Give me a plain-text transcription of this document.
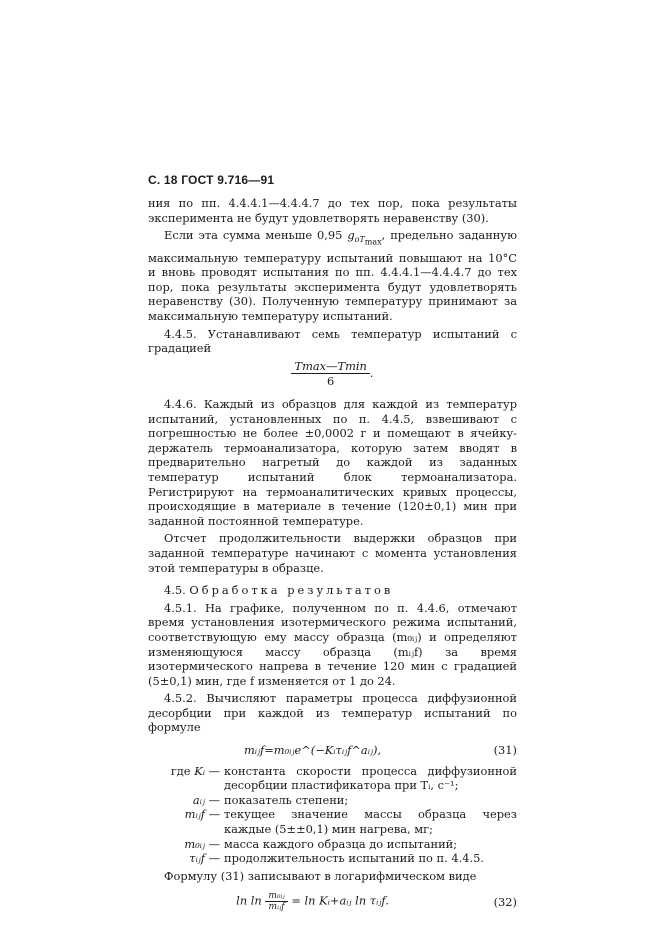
С. 18 ГОСТ 9.716—91

ния по пп. 4.4.4.1—4.4.4.7 до тех пор, пока результаты эксперимента не будут удовлетворять неравенству (30).

Если эта сумма меньше 0,95 $g_{oT_{max}}$, предельно заданную максимальную температуру испытаний повышают на 10°С и вновь проводят испытания по пп. 4.4.4.1—4.4.4.7 до тех пор, пока результаты эксперимента будут удовлетворять неравенству (30). Полученную температуру принимают за максимальную температуру испытаний.

4.4.5. Устанавливают семь температур испытаний с градацией

$\frac{Tmax—Tmin}{6}$ .

4.4.6. Каждый из образцов для каждой из температур испытаний, установленных по п. 4.4.5, взвешивают с погрешностью не более ±0,0002 г и помещают в ячейку-держатель термоанализатора, которую затем вводят в предварительно нагретый до каждой из заданных температур испытаний блок термоанализатора. Регистрируют на термоаналитических кривых процессы, происходящие в материале в течение (120±0,1) мин при заданной постоянной температуре.

Отсчет продолжительности выдержки образцов при заданной температуре начинают с момента установления этой температуры в образце.

4.5. Обработка результатов

4.5.1. На графике, полученном по п. 4.4.6, отмечают время установления изотермического режима испытаний, соответствующую ему массу образца (m₀ᵢⱼ) и определяют изменяющуюся массу образца (mᵢⱼf) за время изотермического напрева в течение 120 мин с градацией (5±0,1) мин, где f изменяется от 1 до 24.

4.5.2. Вычисляют параметры процесса диффузионной десорбции при каждой из температур испытаний по формуле

mᵢⱼf=m₀ᵢⱼe^(−Kᵢτᵢⱼf^aᵢⱼ),	(31)
где Kᵢ — константа скорости процесса диффузионной десорбции пластификатора при Tᵢ, с⁻¹;
aᵢⱼ — показатель степени;
mᵢⱼf — текущее значение массы образца через каждые (5±±0,1) мин нагрева, мг;
m₀ᵢⱼ — масса каждого образца до испытаний;
τᵢⱼf — продолжительность испытаний по п. 4.4.5.

Формулу (31) записывают в логарифмическом виде

$\ln \ln \frac{\text{m₀ᵢⱼ}}{\text{mᵢⱼf}} = \ln$ Kᵢ+aᵢⱼ ln τᵢⱼf.	(32)
